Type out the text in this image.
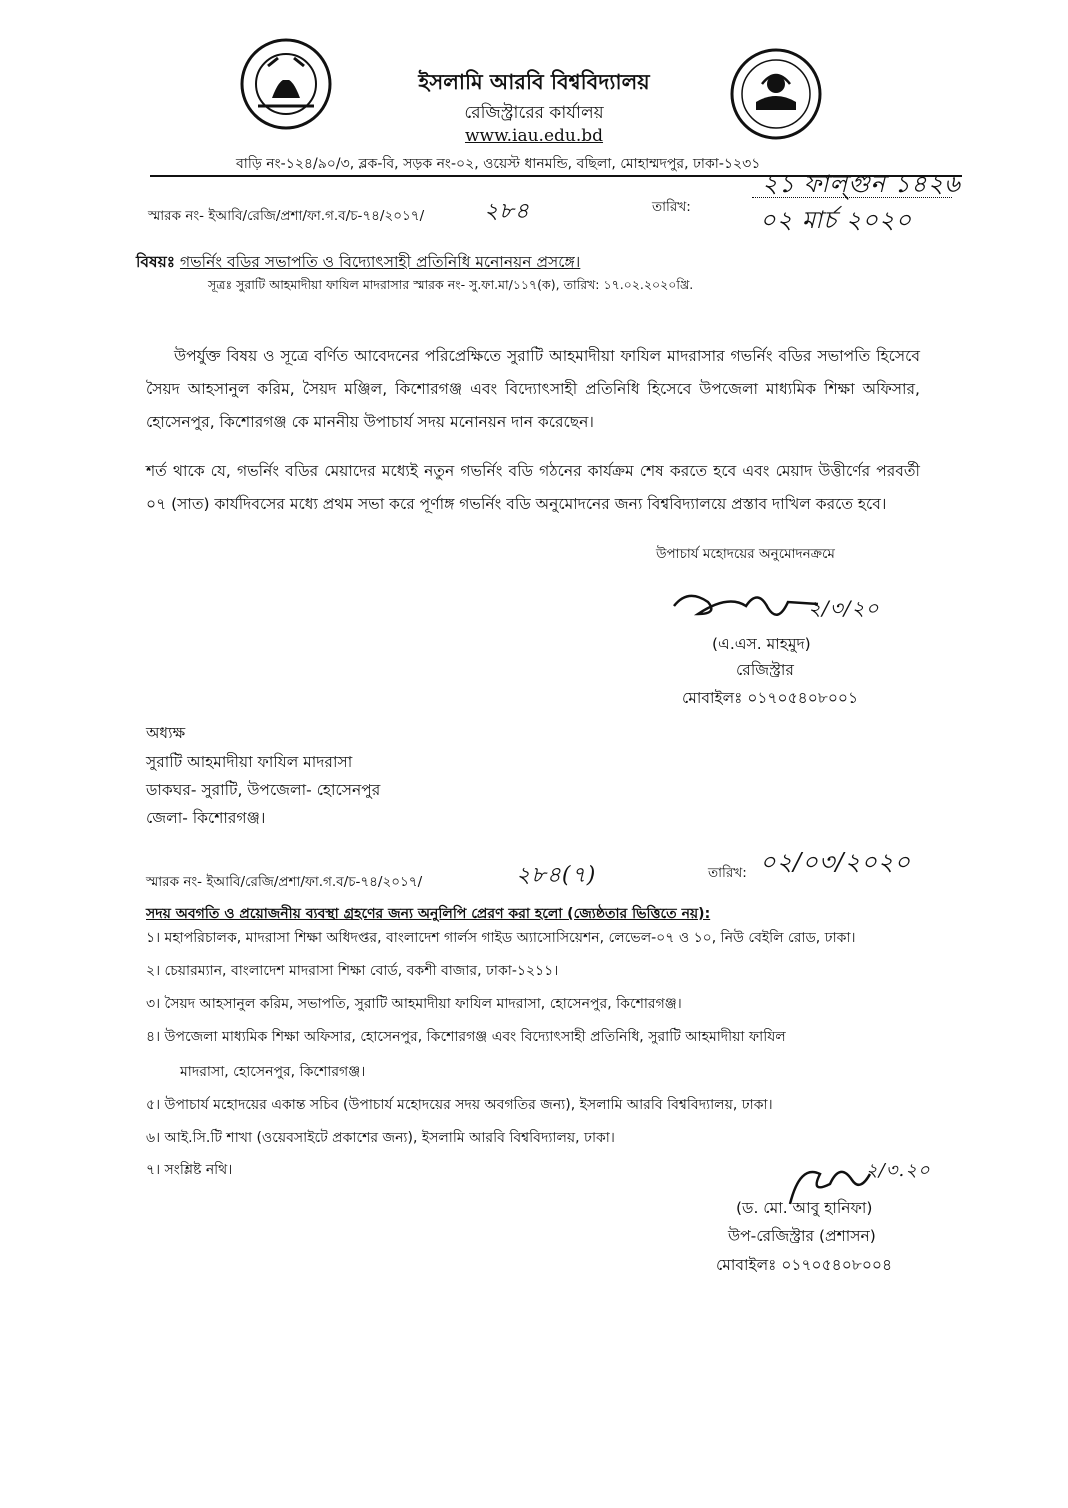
ইসলামি আরবি বিশ্ববিদ্যালয়
রেজিস্ট্রারের কার্যালয়
www.iau.edu.bd
বাড়ি নং-১২৪/৯০/৩, ব্লক-বি, সড়ক নং-০২, ওয়েস্ট ধানমন্ডি, বছিলা, মোহাম্মদপুর, ঢাকা-১২৩১
স্মারক নং- ইআবি/রেজি/প্রশা/ফা.গ.ব/চ-৭৪/২০১৭/	২৮৪	তারিখ:
২১ ফাল্গুন ১৪২৬
০২ মার্চ ২০২০
বিষয়ঃ গভর্নিং বডির সভাপতি ও বিদ্যোৎসাহী প্রতিনিধি মনোনয়ন প্রসঙ্গে।
সূত্রঃ সুরাটি আহমাদীয়া ফাযিল মাদরাসার স্মারক নং- সু.ফা.মা/১১৭(ক), তারিখ: ১৭.০২.২০২০খ্রি.
উপর্যুক্ত বিষয় ও সূত্রে বর্ণিত আবেদনের পরিপ্রেক্ষিতে সুরাটি আহমাদীয়া ফাযিল মাদরাসার গভর্নিং বডির সভাপতি হিসেবে সৈয়দ আহসানুল করিম, সৈয়দ মঞ্জিল, কিশোরগঞ্জ এবং বিদ্যোৎসাহী প্রতিনিধি হিসেবে উপজেলা মাধ্যমিক শিক্ষা অফিসার, হোসেনপুর, কিশোরগঞ্জ কে মাননীয় উপাচার্য সদয় মনোনয়ন দান করেছেন।
শর্ত থাকে যে, গভর্নিং বডির মেয়াদের মধ্যেই নতুন গভর্নিং বডি গঠনের কার্যক্রম শেষ করতে হবে এবং মেয়াদ উত্তীর্ণের পরবর্তী ০৭ (সাত) কার্যদিবসের মধ্যে প্রথম সভা করে পূর্ণাঙ্গ গভর্নিং বডি অনুমোদনের জন্য বিশ্ববিদ্যালয়ে প্রস্তাব দাখিল করতে হবে।
উপাচার্য মহোদয়ের অনুমোদনক্রমে
২/৩/২০
(এ.এস. মাহমুদ)
রেজিস্ট্রার
মোবাইলঃ ০১৭০৫৪০৮০০১
অধ্যক্ষ
সুরাটি আহমাদীয়া ফাযিল মাদরাসা
ডাকঘর- সুরাটি, উপজেলা- হোসেনপুর
জেলা- কিশোরগঞ্জ।
স্মারক নং- ইআবি/রেজি/প্রশা/ফা.গ.ব/চ-৭৪/২০১৭/	২৮৪(৭)	তারিখ: ০২/০৩/২০২০
সদয় অবগতি ও প্রয়োজনীয় ব্যবস্থা গ্রহণের জন্য অনুলিপি প্রেরণ করা হলো (জ্যেষ্ঠতার ভিত্তিতে নয়):
১। মহাপরিচালক, মাদরাসা শিক্ষা অধিদপ্তর, বাংলাদেশ গার্লস গাইড অ্যাসোসিয়েশন, লেভেল-০৭ ও ১০, নিউ বেইলি রোড, ঢাকা।
২। চেয়ারম্যান, বাংলাদেশ মাদরাসা শিক্ষা বোর্ড, বকশী বাজার, ঢাকা-১২১১।
৩। সৈয়দ আহসানুল করিম, সভাপতি, সুরাটি আহমাদীয়া ফাযিল মাদরাসা, হোসেনপুর, কিশোরগঞ্জ।
৪। উপজেলা মাধ্যমিক শিক্ষা অফিসার, হোসেনপুর, কিশোরগঞ্জ এবং বিদ্যোৎসাহী প্রতিনিধি, সুরাটি আহমাদীয়া ফাযিল
মাদরাসা, হোসেনপুর, কিশোরগঞ্জ।
৫। উপাচার্য মহোদয়ের একান্ত সচিব (উপাচার্য মহোদয়ের সদয় অবগতির জন্য), ইসলামি আরবি বিশ্ববিদ্যালয়, ঢাকা।
৬। আই.সি.টি শাখা (ওয়েবসাইটে প্রকাশের জন্য), ইসলামি আরবি বিশ্ববিদ্যালয়, ঢাকা।
৭। সংশ্লিষ্ট নথি।	২/৩.২০
(ড. মো. আবু হানিফা)
উপ-রেজিস্ট্রার (প্রশাসন)
মোবাইলঃ ০১৭০৫৪০৮০০৪
